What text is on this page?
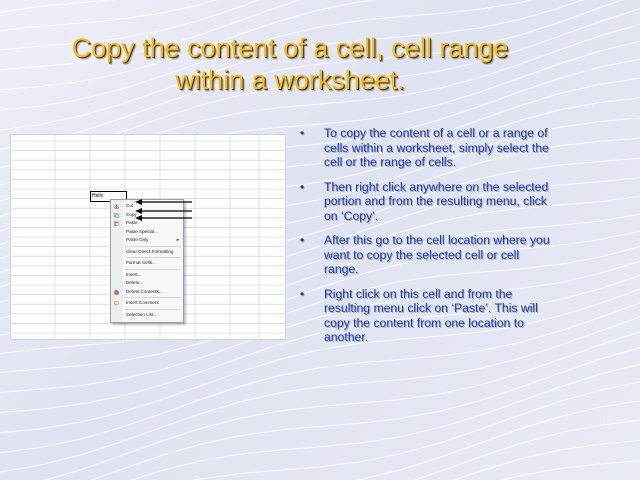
Copy the content of a cell, cell range
within a worksheet.
Hello
Cut
Copy
Paste
Paste Special...
Paste Only	▸
Clear Direct Formatting
Format Cells...
Insert...
Delete...
Delete Contents...
Insert Comment
Selection List...
• To copy the content of a cell or a range of cells within a worksheet, simply select the cell or the range of cells.
• Then right click anywhere on the selected portion and from the resulting menu, click on ‘Copy’.
• After this go to the cell location where you want to copy the selected cell or cell range.
• Right click on this cell and from the resulting menu click on ‘Paste’. This will copy the content from one location to another.
